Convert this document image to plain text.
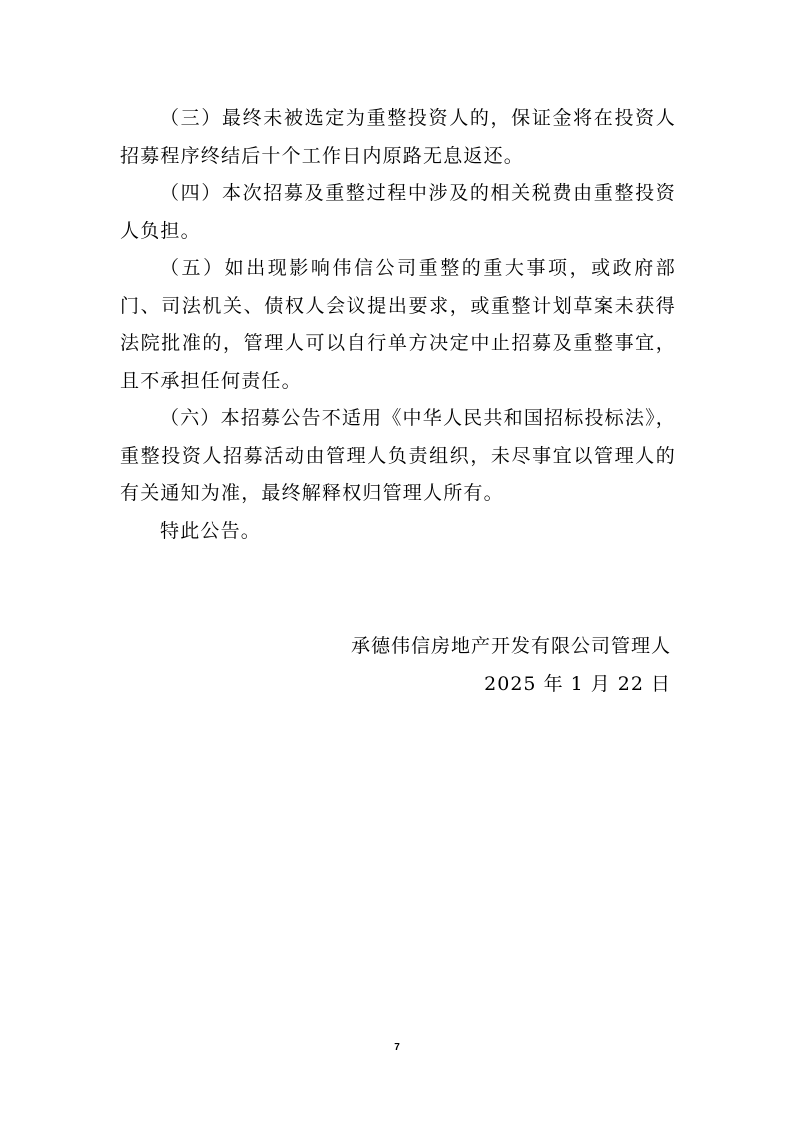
（三）最终未被选定为重整投资人的，保证金将在投资人招募程序终结后十个工作日内原路无息返还。

（四）本次招募及重整过程中涉及的相关税费由重整投资人负担。

（五）如出现影响伟信公司重整的重大事项，或政府部门、司法机关、债权人会议提出要求，或重整计划草案未获得法院批准的，管理人可以自行单方决定中止招募及重整事宜，且不承担任何责任。

（六）本招募公告不适用《中华人民共和国招标投标法》，重整投资人招募活动由管理人负责组织，未尽事宜以管理人的有关通知为准，最终解释权归管理人所有。

特此公告。

承德伟信房地产开发有限公司管理人
2025 年 1 月 22 日
7
